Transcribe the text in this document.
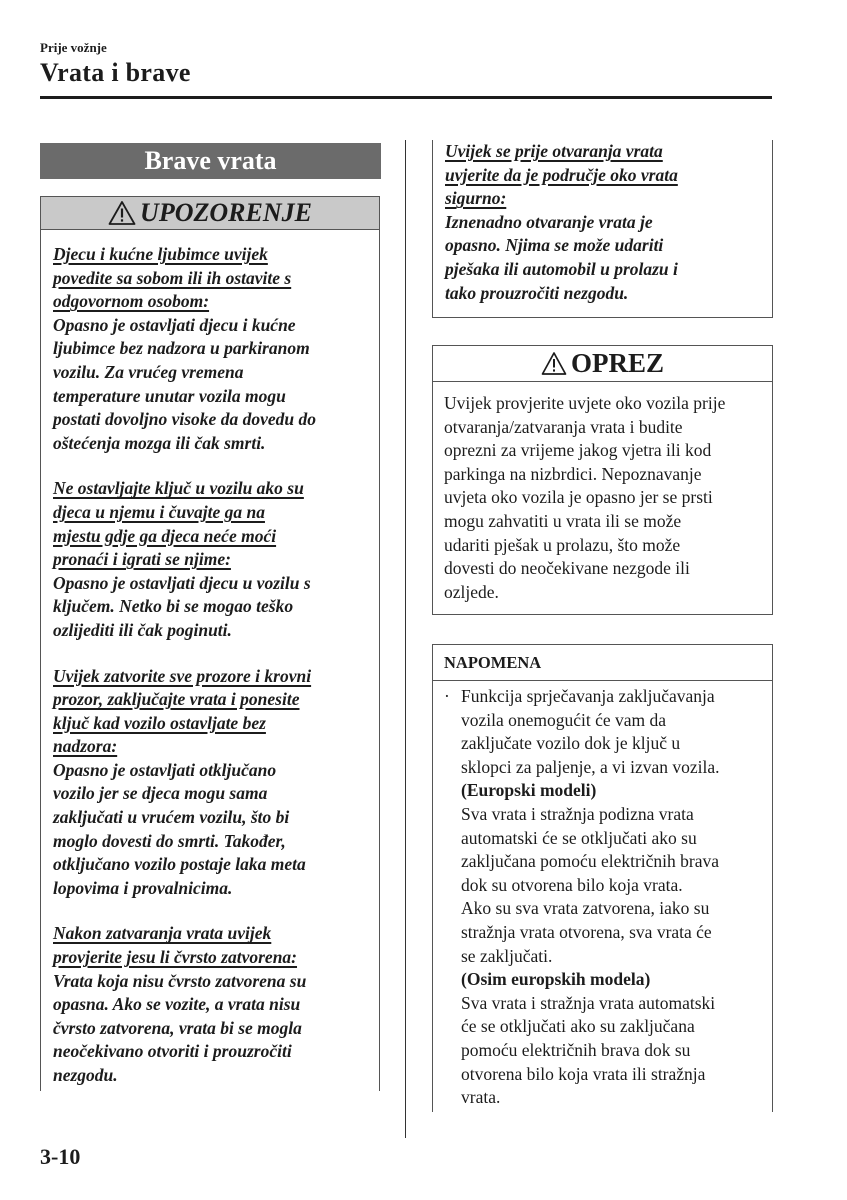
Prije vožnje
Vrata i brave
Brave vrata
UPOZORENJE
Djecu i kućne ljubimce uvijek
povedite sa sobom ili ih ostavite s
odgovornom osobom:
Opasno je ostavljati djecu i kućne
ljubimce bez nadzora u parkiranom
vozilu. Za vrućeg vremena
temperature unutar vozila mogu
postati dovoljno visoke da dovedu do
oštećenja mozga ili čak smrti.
Ne ostavljajte ključ u vozilu ako su
djeca u njemu i čuvajte ga na
mjestu gdje ga djeca neće moći
pronaći i igrati se njime:
Opasno je ostavljati djecu u vozilu s
ključem. Netko bi se mogao teško
ozlijediti ili čak poginuti.
Uvijek zatvorite sve prozore i krovni
prozor, zaključajte vrata i ponesite
ključ kad vozilo ostavljate bez
nadzora:
Opasno je ostavljati otključano
vozilo jer se djeca mogu sama
zaključati u vrućem vozilu, što bi
moglo dovesti do smrti. Također,
otključano vozilo postaje laka meta
lopovima i provalnicima.
Nakon zatvaranja vrata uvijek
provjerite jesu li čvrsto zatvorena:
Vrata koja nisu čvrsto zatvorena su
opasna. Ako se vozite, a vrata nisu
čvrsto zatvorena, vrata bi se mogla
neočekivano otvoriti i prouzročiti
nezgodu.
Uvijek se prije otvaranja vrata
uvjerite da je područje oko vrata
sigurno:
Iznenadno otvaranje vrata je
opasno. Njima se može udariti
pješaka ili automobil u prolazu i
tako prouzročiti nezgodu.
OPREZ
Uvijek provjerite uvjete oko vozila prije
otvaranja/zatvaranja vrata i budite
oprezni za vrijeme jakog vjetra ili kod
parkinga na nizbrdici. Nepoznavanje
uvjeta oko vozila je opasno jer se prsti
mogu zahvatiti u vrata ili se može
udariti pješak u prolazu, što može
dovesti do neočekivane nezgode ili
ozljede.
NAPOMENA
· Funkcija sprječavanja zaključavanja
vozila onemogućit će vam da
zaključate vozilo dok je ključ u
sklopci za paljenje, a vi izvan vozila.
(Europski modeli)
Sva vrata i stražnja podizna vrata
automatski će se otključati ako su
zaključana pomoću električnih brava
dok su otvorena bilo koja vrata.
Ako su sva vrata zatvorena, iako su
stražnja vrata otvorena, sva vrata će
se zaključati.
(Osim europskih modela)
Sva vrata i stražnja vrata automatski
će se otključati ako su zaključana
pomoću električnih brava dok su
otvorena bilo koja vrata ili stražnja
vrata.
3-10
